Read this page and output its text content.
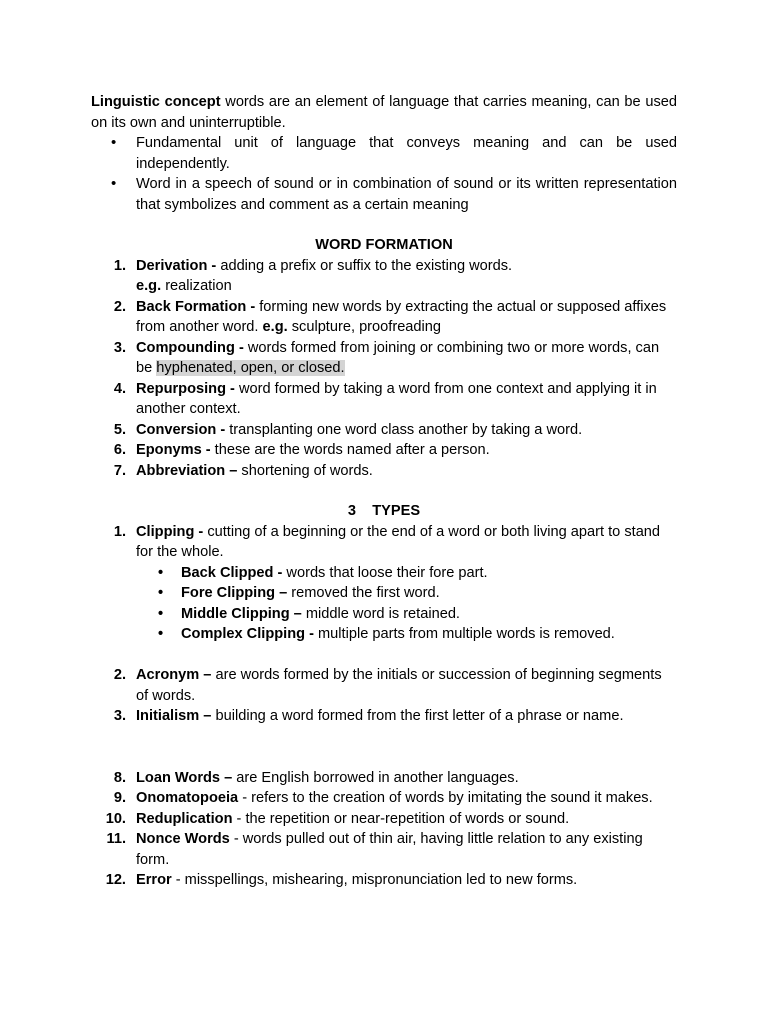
Linguistic concept words are an element of language that carries meaning, can be used on its own and uninterruptible.

• Fundamental unit of language that conveys meaning and can be used independently.
• Word in a speech of sound or in combination of sound or its written representation that symbolizes and comment as a certain meaning

WORD FORMATION

1. Derivation - adding a prefix or suffix to the existing words.
e.g. realization
2. Back Formation - forming new words by extracting the actual or supposed affixes from another word. e.g. sculpture, proofreading
3. Compounding - words formed from joining or combining two or more words, can be hyphenated, open, or closed.
4. Repurposing - word formed by taking a word from one context and applying it in another context.
5. Conversion - transplanting one word class another by taking a word.
6. Eponyms - these are the words named after a person.
7. Abbreviation – shortening of words.

3    TYPES

1. Clipping - cutting of a beginning or the end of a word or both living apart to stand for the whole.
• Back Clipped - words that loose their fore part.
• Fore Clipping – removed the first word.
• Middle Clipping – middle word is retained.
• Complex Clipping - multiple parts from multiple words is removed.
2. Acronym – are words formed by the initials or succession of beginning segments of words.
3. Initialism – building a word formed from the first letter of a phrase or name.
8. Loan Words – are English borrowed in another languages.
9. Onomatopoeia - refers to the creation of words by imitating the sound it makes.
10. Reduplication - the repetition or near-repetition of words or sound.
11. Nonce Words - words pulled out of thin air, having little relation to any existing form.
12. Error - misspellings, mishearing, mispronunciation led to new forms.
